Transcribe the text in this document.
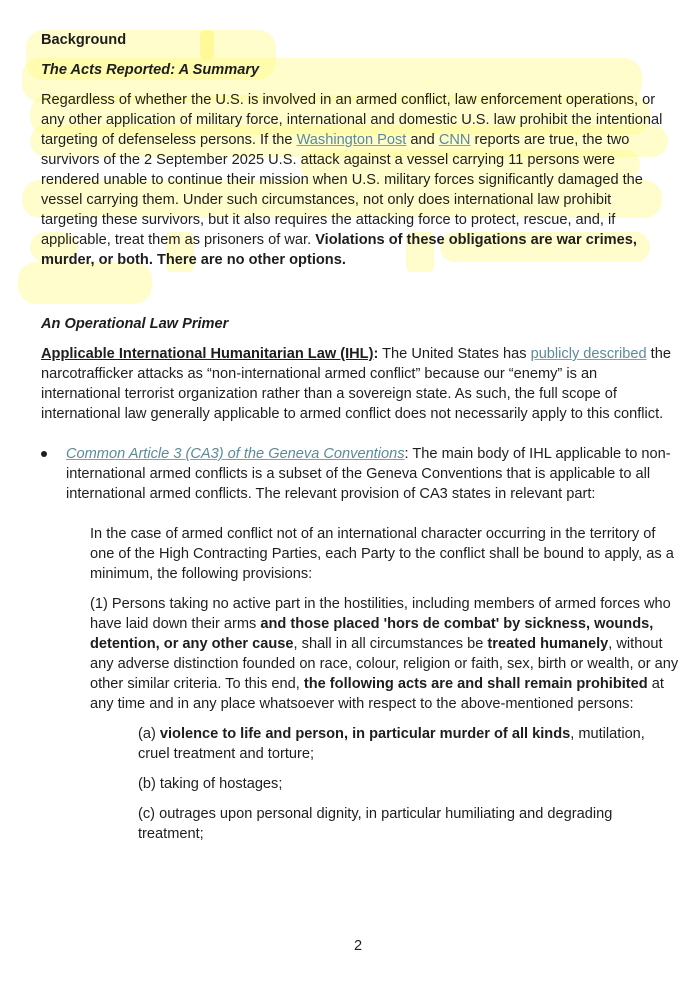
Background
The Acts Reported: A Summary

Regardless of whether the U.S. is involved in an armed conflict, law enforcement operations, or any other application of military force, international and domestic U.S. law prohibit the intentional targeting of defenseless persons. If the Washington Post and CNN reports are true, the two survivors of the 2 September 2025 U.S. attack against a vessel carrying 11 persons were rendered unable to continue their mission when U.S. military forces significantly damaged the vessel carrying them. Under such circumstances, not only does international law prohibit targeting these survivors, but it also requires the attacking force to protect, rescue, and, if applicable, treat them as prisoners of war. Violations of these obligations are war crimes, murder, or both. There are no other options.

An Operational Law Primer

Applicable International Humanitarian Law (IHL): The United States has publicly described the narcotrafficker attacks as “non-international armed conflict” because our “enemy” is an international terrorist organization rather than a sovereign state. As such, the full scope of international law generally applicable to armed conflict does not necessarily apply to this conflict.

Common Article 3 (CA3) of the Geneva Conventions: The main body of IHL applicable to non-international armed conflicts is a subset of the Geneva Conventions that is applicable to all international armed conflicts. The relevant provision of CA3 states in relevant part:

In the case of armed conflict not of an international character occurring in the territory of one of the High Contracting Parties, each Party to the conflict shall be bound to apply, as a minimum, the following provisions:

(1) Persons taking no active part in the hostilities, including members of armed forces who have laid down their arms and those placed 'hors de combat' by sickness, wounds, detention, or any other cause, shall in all circumstances be treated humanely, without any adverse distinction founded on race, colour, religion or faith, sex, birth or wealth, or any other similar criteria. To this end, the following acts are and shall remain prohibited at any time and in any place whatsoever with respect to the above-mentioned persons:

(a) violence to life and person, in particular murder of all kinds, mutilation, cruel treatment and torture;

(b) taking of hostages;

(c) outrages upon personal dignity, in particular humiliating and degrading treatment;

2
